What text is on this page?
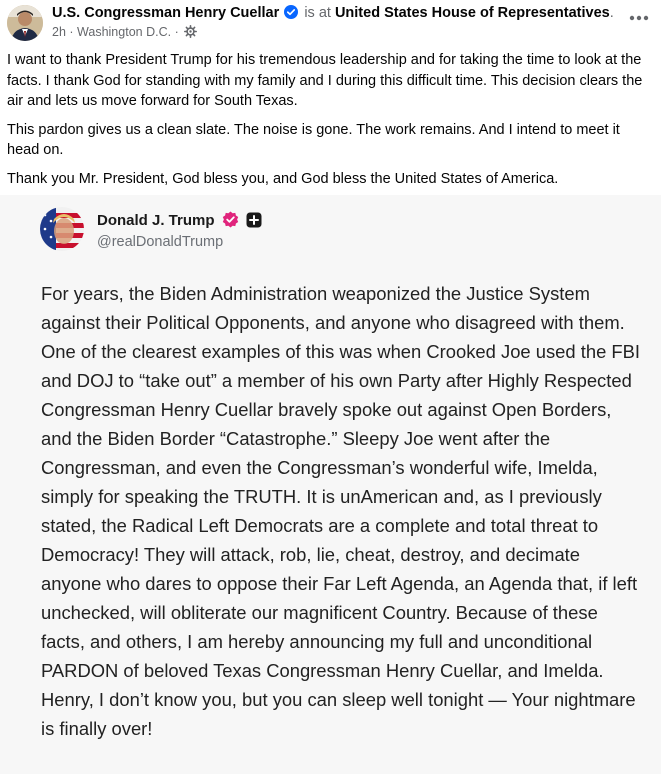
U.S. Congressman Henry Cuellar is at United States House of Representatives.
2h · Washington D.C. ·

I want to thank President Trump for his tremendous leadership and for taking the time to look at the facts. I thank God for standing with my family and I during this difficult time. This decision clears the air and lets us move forward for South Texas.

This pardon gives us a clean slate. The noise is gone. The work remains. And I intend to meet it head on.

Thank you Mr. President, God bless you, and God bless the United States of America.

Donald J. Trump
@realDonaldTrump
For years, the Biden Administration weaponized the Justice System against their Political Opponents, and anyone who disagreed with them. One of the clearest examples of this was when Crooked Joe used the FBI and DOJ to “take out” a member of his own Party after Highly Respected Congressman Henry Cuellar bravely spoke out against Open Borders, and the Biden Border “Catastrophe.” Sleepy Joe went after the Congressman, and even the Congressman’s wonderful wife, Imelda, simply for speaking the TRUTH. It is unAmerican and, as I previously stated, the Radical Left Democrats are a complete and total threat to Democracy! They will attack, rob, lie, cheat, destroy, and decimate anyone who dares to oppose their Far Left Agenda, an Agenda that, if left unchecked, will obliterate our magnificent Country. Because of these facts, and others, I am hereby announcing my full and unconditional PARDON of beloved Texas Congressman Henry Cuellar, and Imelda. Henry, I don’t know you, but you can sleep well tonight — Your nightmare is finally over!
